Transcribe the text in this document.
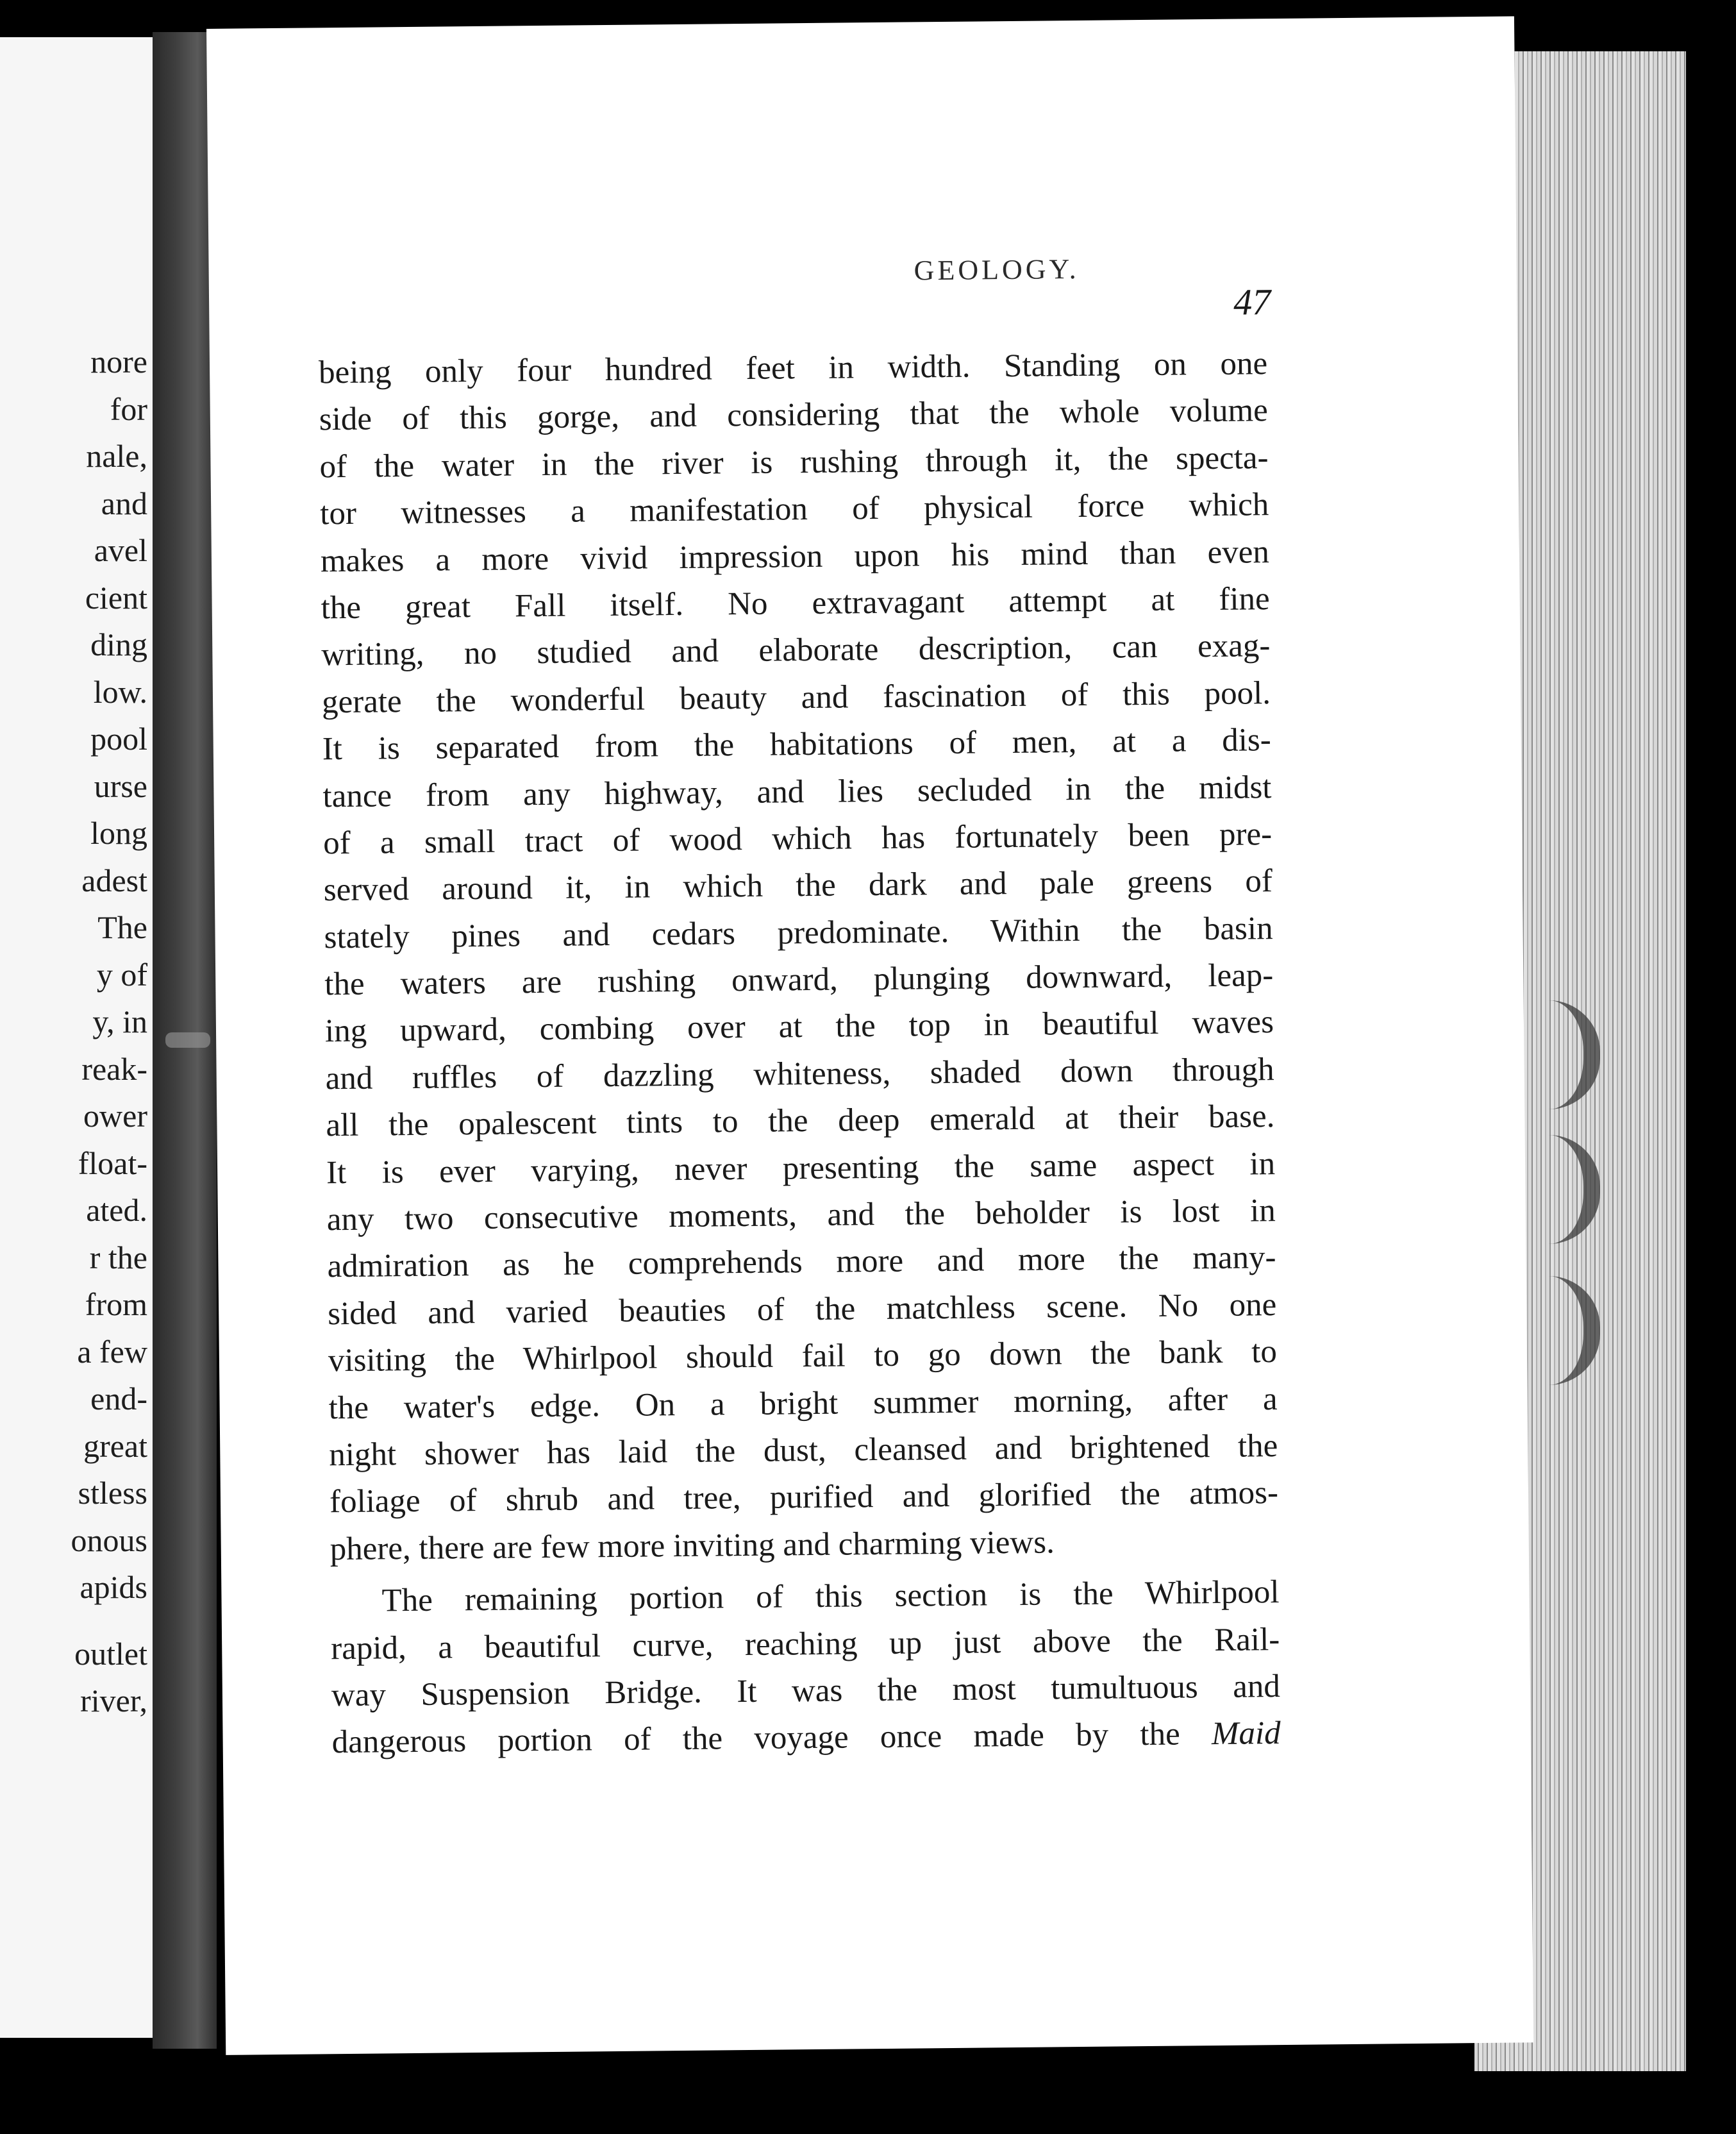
nore
for
nale,
and
avel
cient
ding
low.
pool
urse
long
adest
The
y of
y, in
reak-
ower
float-
ated.
r the
from
a few
end-
great
stless
onous
apids
outlet
river,
GEOLOGY.
47
being only four hundred feet in width. Standing on one
side of this gorge, and considering that the whole volume
of the water in the river is rushing through it, the specta-
tor witnesses a manifestation of physical force which
makes a more vivid impression upon his mind than even
the great Fall itself. No extravagant attempt at fine
writing, no studied and elaborate description, can exag-
gerate the wonderful beauty and fascination of this pool.
It is separated from the habitations of men, at a dis-
tance from any highway, and lies secluded in the midst
of a small tract of wood which has fortunately been pre-
served around it, in which the dark and pale greens of
stately pines and cedars predominate. Within the basin
the waters are rushing onward, plunging downward, leap-
ing upward, combing over at the top in beautiful waves
and ruffles of dazzling whiteness, shaded down through
all the opalescent tints to the deep emerald at their base.
It is ever varying, never presenting the same aspect in
any two consecutive moments, and the beholder is lost in
admiration as he comprehends more and more the many-
sided and varied beauties of the matchless scene. No one
visiting the Whirlpool should fail to go down the bank to
the water's edge. On a bright summer morning, after a
night shower has laid the dust, cleansed and brightened the
foliage of shrub and tree, purified and glorified the atmos-
phere, there are few more inviting and charming views.
The remaining portion of this section is the Whirlpool
rapid, a beautiful curve, reaching up just above the Rail-
way Suspension Bridge. It was the most tumultuous and
dangerous portion of the voyage once made by the Maid
